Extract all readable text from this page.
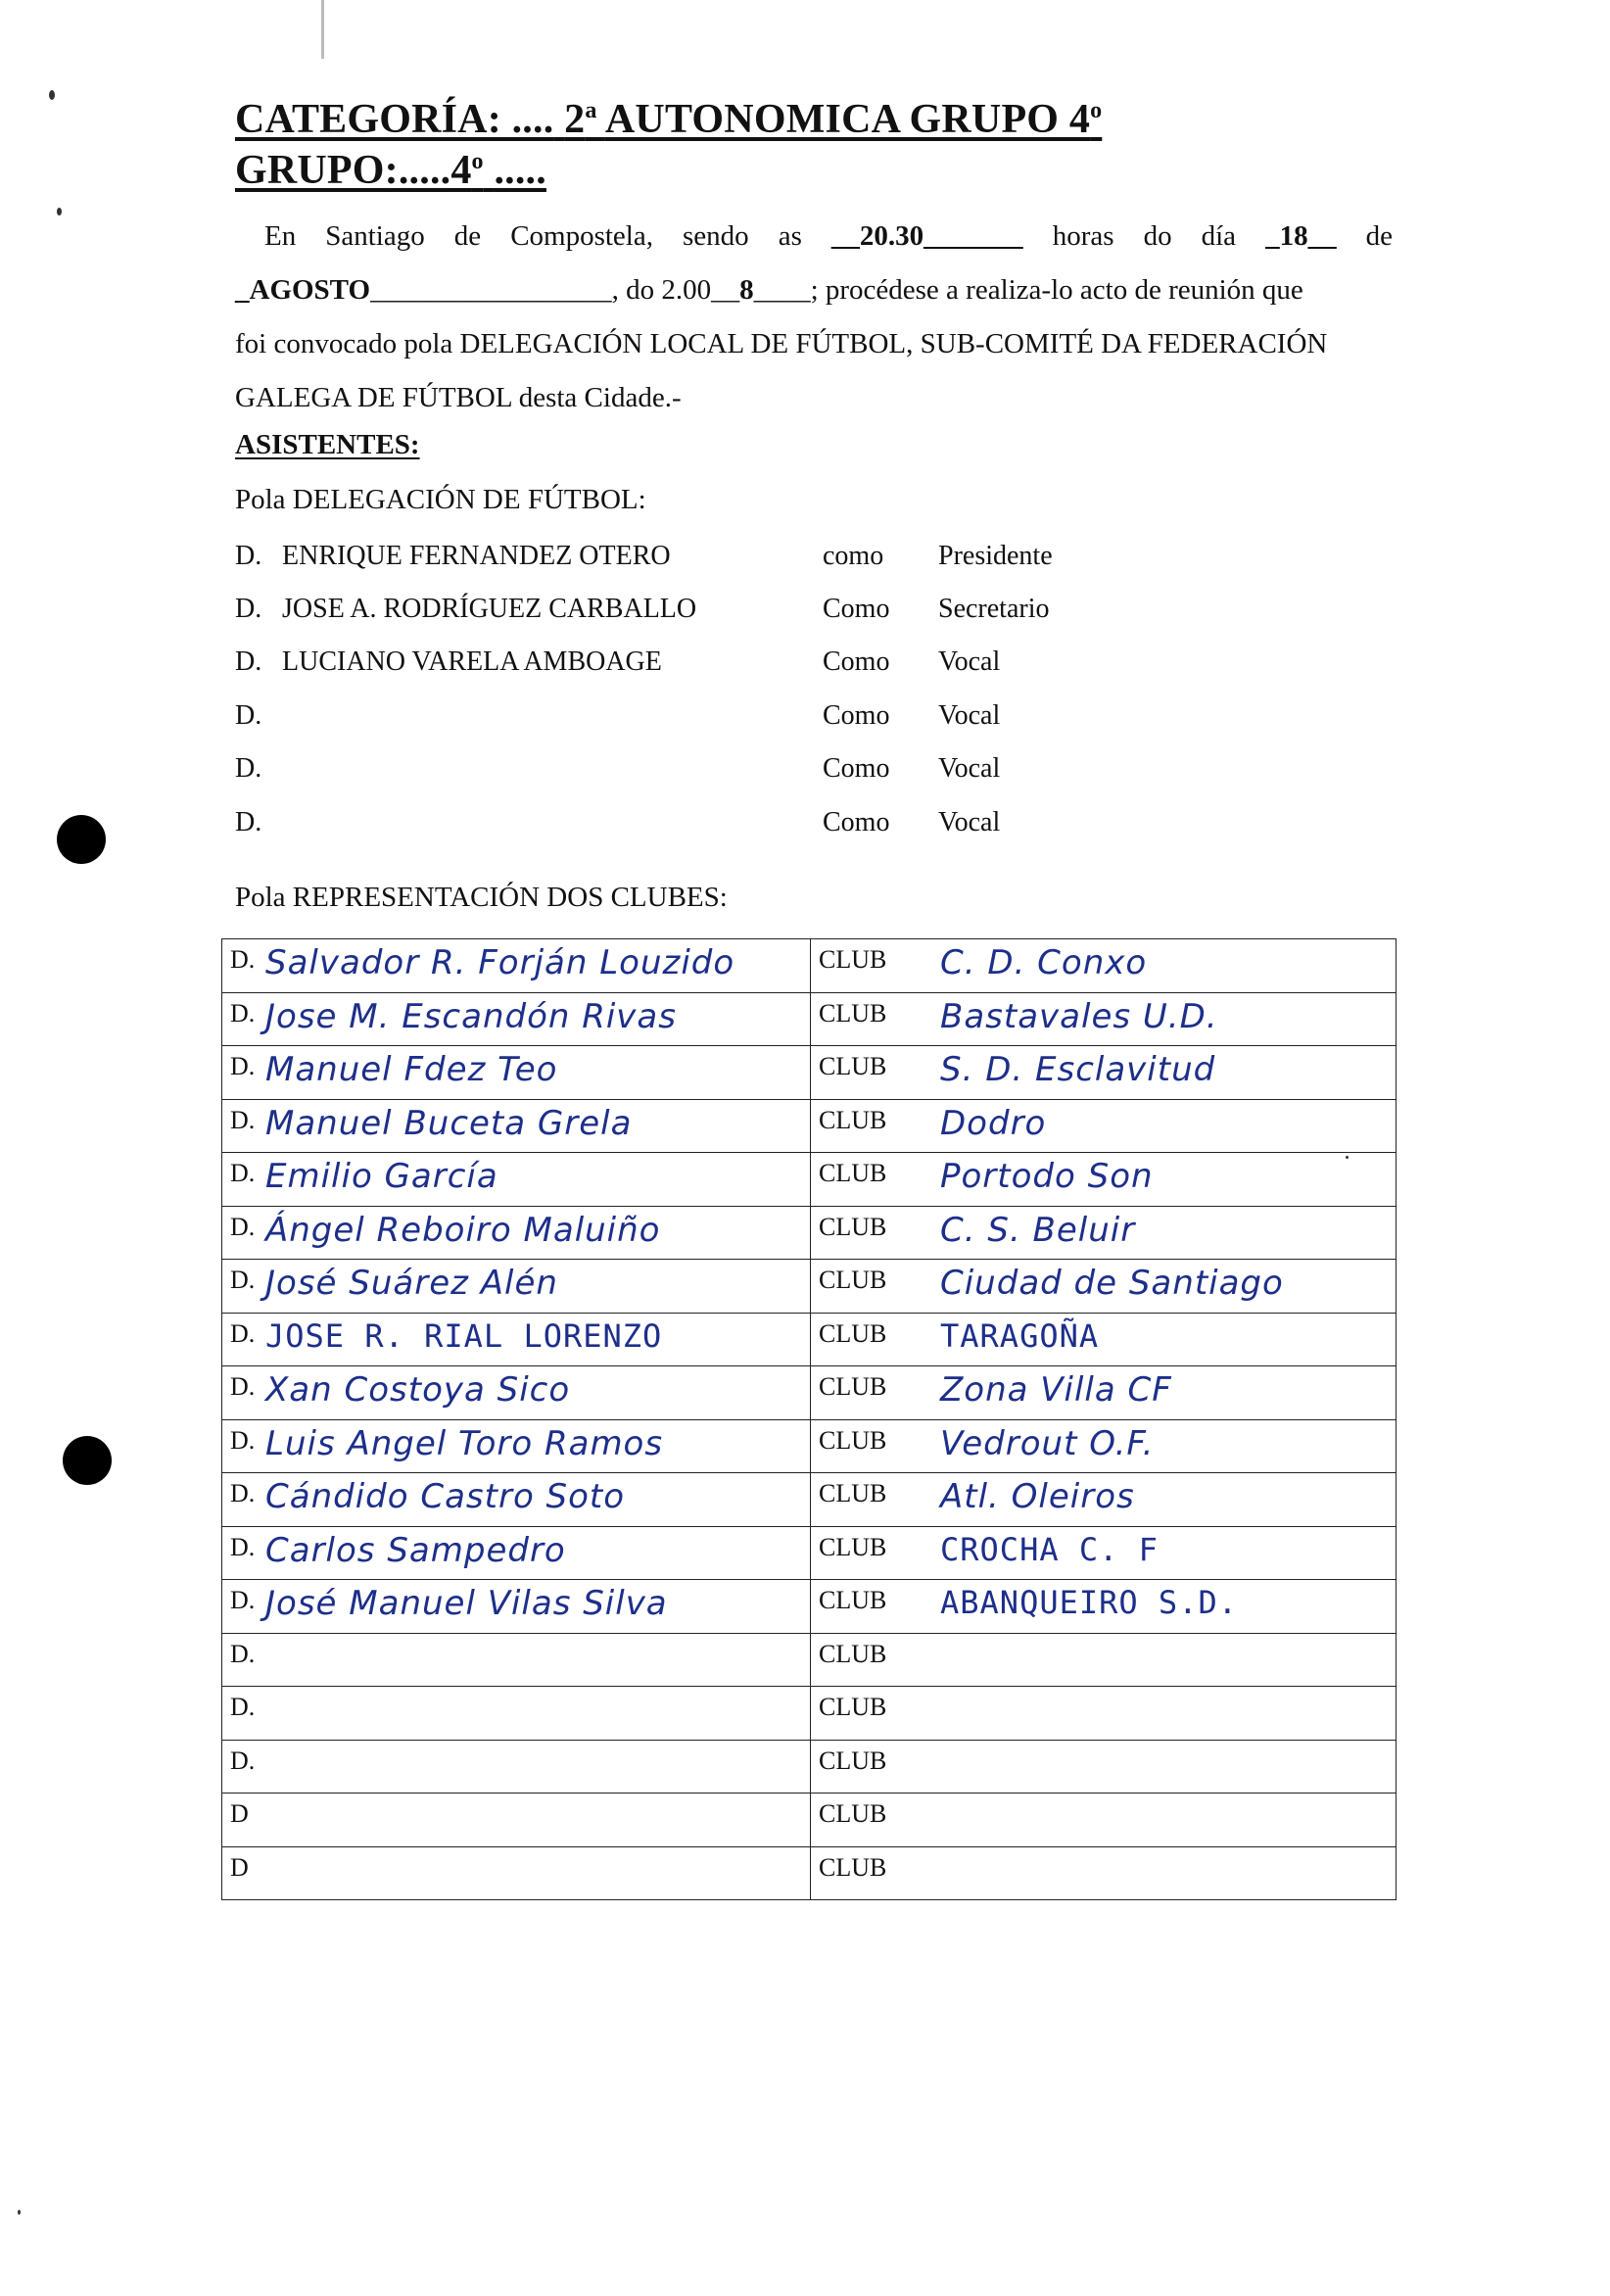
CATEGORÍA: .... 2$^a$ AUTONOMICA GRUPO 4$^o$
GRUPO:.....4$^o$ .....
En Santiago de Compostela, sendo as __20.30_______ horas do día _18__ de
_AGOSTO _________________, do 2.00__ 8 ____; procédese a realiza-lo acto de reunión que
foi convocado pola DELEGACIÓN LOCAL DE FÚTBOL, SUB-COMITÉ DA FEDERACIÓN
GALEGA DE FÚTBOL desta Cidade.-
ASISTENTES:
Pola DELEGACIÓN DE FÚTBOL:
D. ENRIQUE FERNANDEZ OTERO	como Presidente
D. JOSE A. RODRÍGUEZ CARBALLO	Como Secretario
D. LUCIANO VARELA AMBOAGE	Como Vocal
D.	Como Vocal
D.	Como Vocal
D.	Como Vocal
Pola REPRESENTACIÓN DOS CLUBES:
D. Salvador R. Forján Louzido	CLUB C. D. Conxo

D. Jose M. Escandón Rivas	CLUB Bastavales U.D.

D. Manuel Fdez Teo	CLUB S. D. Esclavitud

D. Manuel Buceta Grela	CLUB Dodro

D. Emilio García	CLUB Portodo Son

D. Ángel Reboiro Maluiño	CLUB C. S. Beluir

D. José Suárez Alén	CLUB Ciudad de Santiago

D. JOSE R. RIAL LORENZO	CLUB TARAGOÑA

D. Xan Costoya Sico	CLUB Zona Villa CF

D. Luis Angel Toro Ramos	CLUB Vedrout O.F.

D. Cándido Castro Soto	CLUB Atl. Oleiros

D. Carlos Sampedro	CLUB CROCHA C. F

D. José Manuel Vilas Silva	CLUB ABANQUEIRO S.D.

D.	CLUB

D.	CLUB

D.	CLUB

D	CLUB

D	CLUB
